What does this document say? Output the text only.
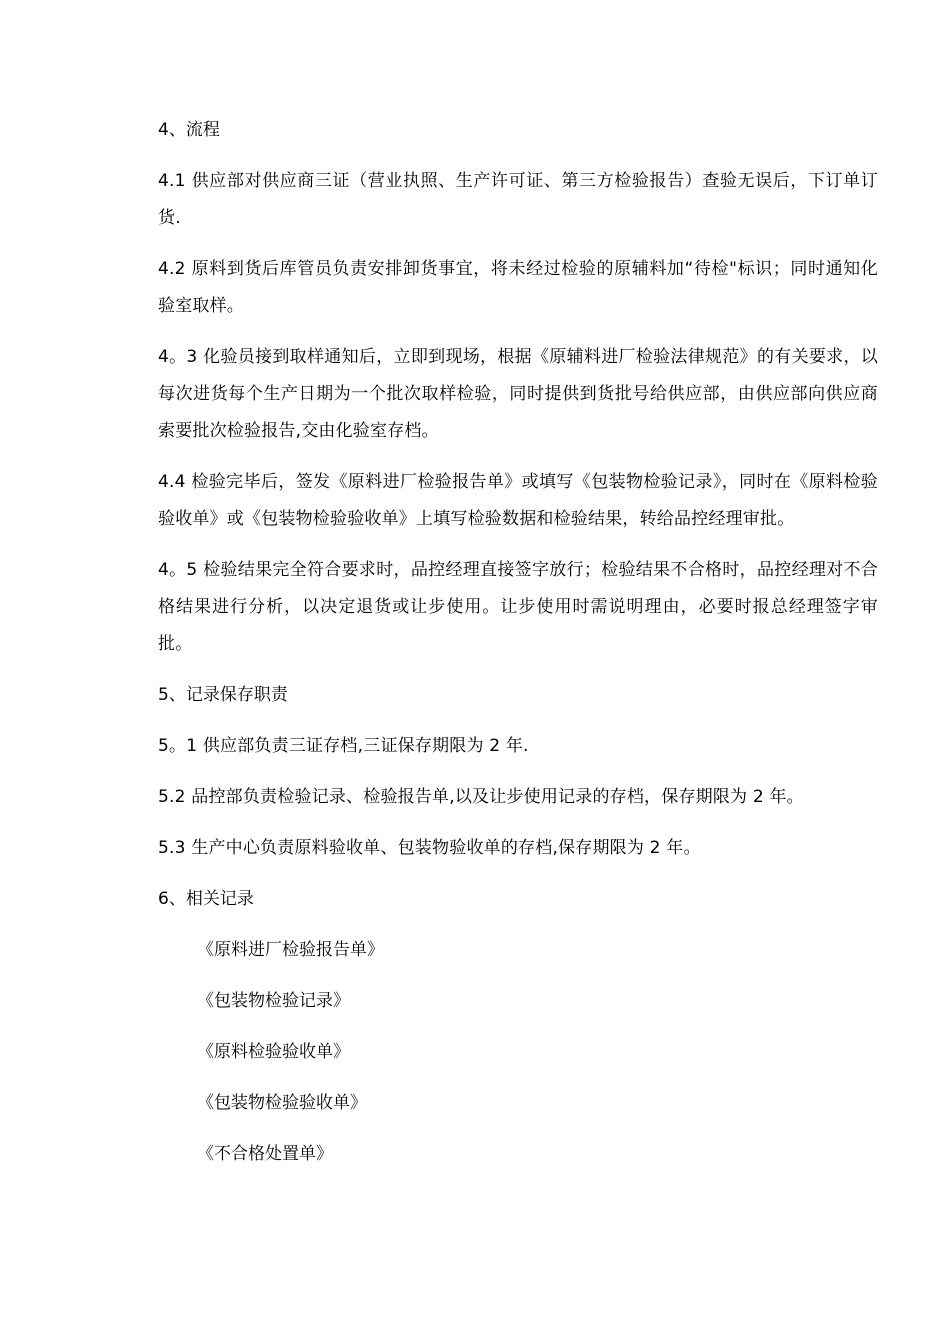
4、流程

4.1 供应部对供应商三证（营业执照、生产许可证、第三方检验报告）查验无误后，下订单订货.

4.2 原料到货后库管员负责安排卸货事宜，将未经过检验的原辅料加“待检"标识；同时通知化验室取样。

4。3 化验员接到取样通知后，立即到现场，根据《原辅料进厂检验法律规范》的有关要求，以每次进货每个生产日期为一个批次取样检验，同时提供到货批号给供应部，由供应部向供应商索要批次检验报告,交由化验室存档。

4.4 检验完毕后，签发《原料进厂检验报告单》或填写《包装物检验记录》，同时在《原料检验验收单》或《包装物检验验收单》上填写检验数据和检验结果，转给品控经理审批。

4。5 检验结果完全符合要求时，品控经理直接签字放行；检验结果不合格时，品控经理对不合格结果进行分析，以决定退货或让步使用。让步使用时需说明理由，必要时报总经理签字审批。

5、记录保存职责

5。1 供应部负责三证存档,三证保存期限为 2 年.

5.2 品控部负责检验记录、检验报告单,以及让步使用记录的存档，保存期限为 2 年。

5.3 生产中心负责原料验收单、包装物验收单的存档,保存期限为 2 年。

6、相关记录

《原料进厂检验报告单》
《包装物检验记录》
《原料检验验收单》
《包装物检验验收单》
《不合格处置单》
